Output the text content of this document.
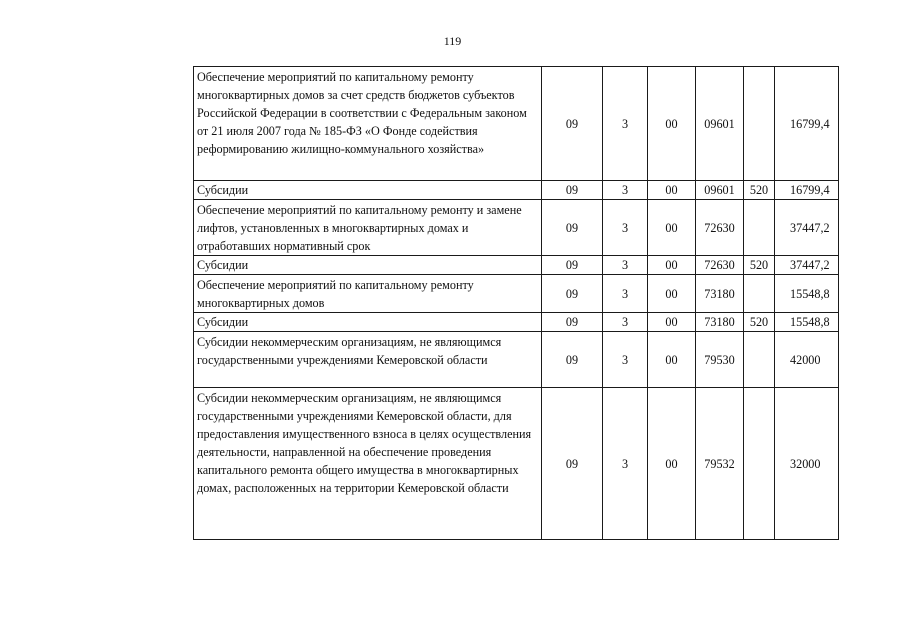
119
Обеспечение мероприятий по капитальному ремонту многоквартирных домов за счет средств бюджетов субъектов Российской Федерации в соответствии с Федеральным законом от 21 июля 2007 года № 185-ФЗ «О Фонде содействия реформированию жилищно-коммунального хозяйства»	09	3	00	09601		16799,4
Субсидии	09	3	00	09601	520	16799,4
Обеспечение мероприятий по капитальному ремонту и замене лифтов, установленных в многоквартирных домах и отработавших нормативный срок	09	3	00	72630		37447,2
Субсидии	09	3	00	72630	520	37447,2
Обеспечение мероприятий по капитальному ремонту многоквартирных домов	09	3	00	73180		15548,8
Субсидии	09	3	00	73180	520	15548,8
Субсидии некоммерческим организациям, не являющимся государственными учреждениями Кемеровской области	09	3	00	79530		42000
Субсидии некоммерческим организациям, не являющимся государственными учреждениями Кемеровской области, для предоставления имущественного взноса в целях осуществления деятельности, направленной на обеспечение проведения капитального ремонта общего имущества в многоквартирных домах, расположенных на территории Кемеровской области	09	3	00	79532		32000
